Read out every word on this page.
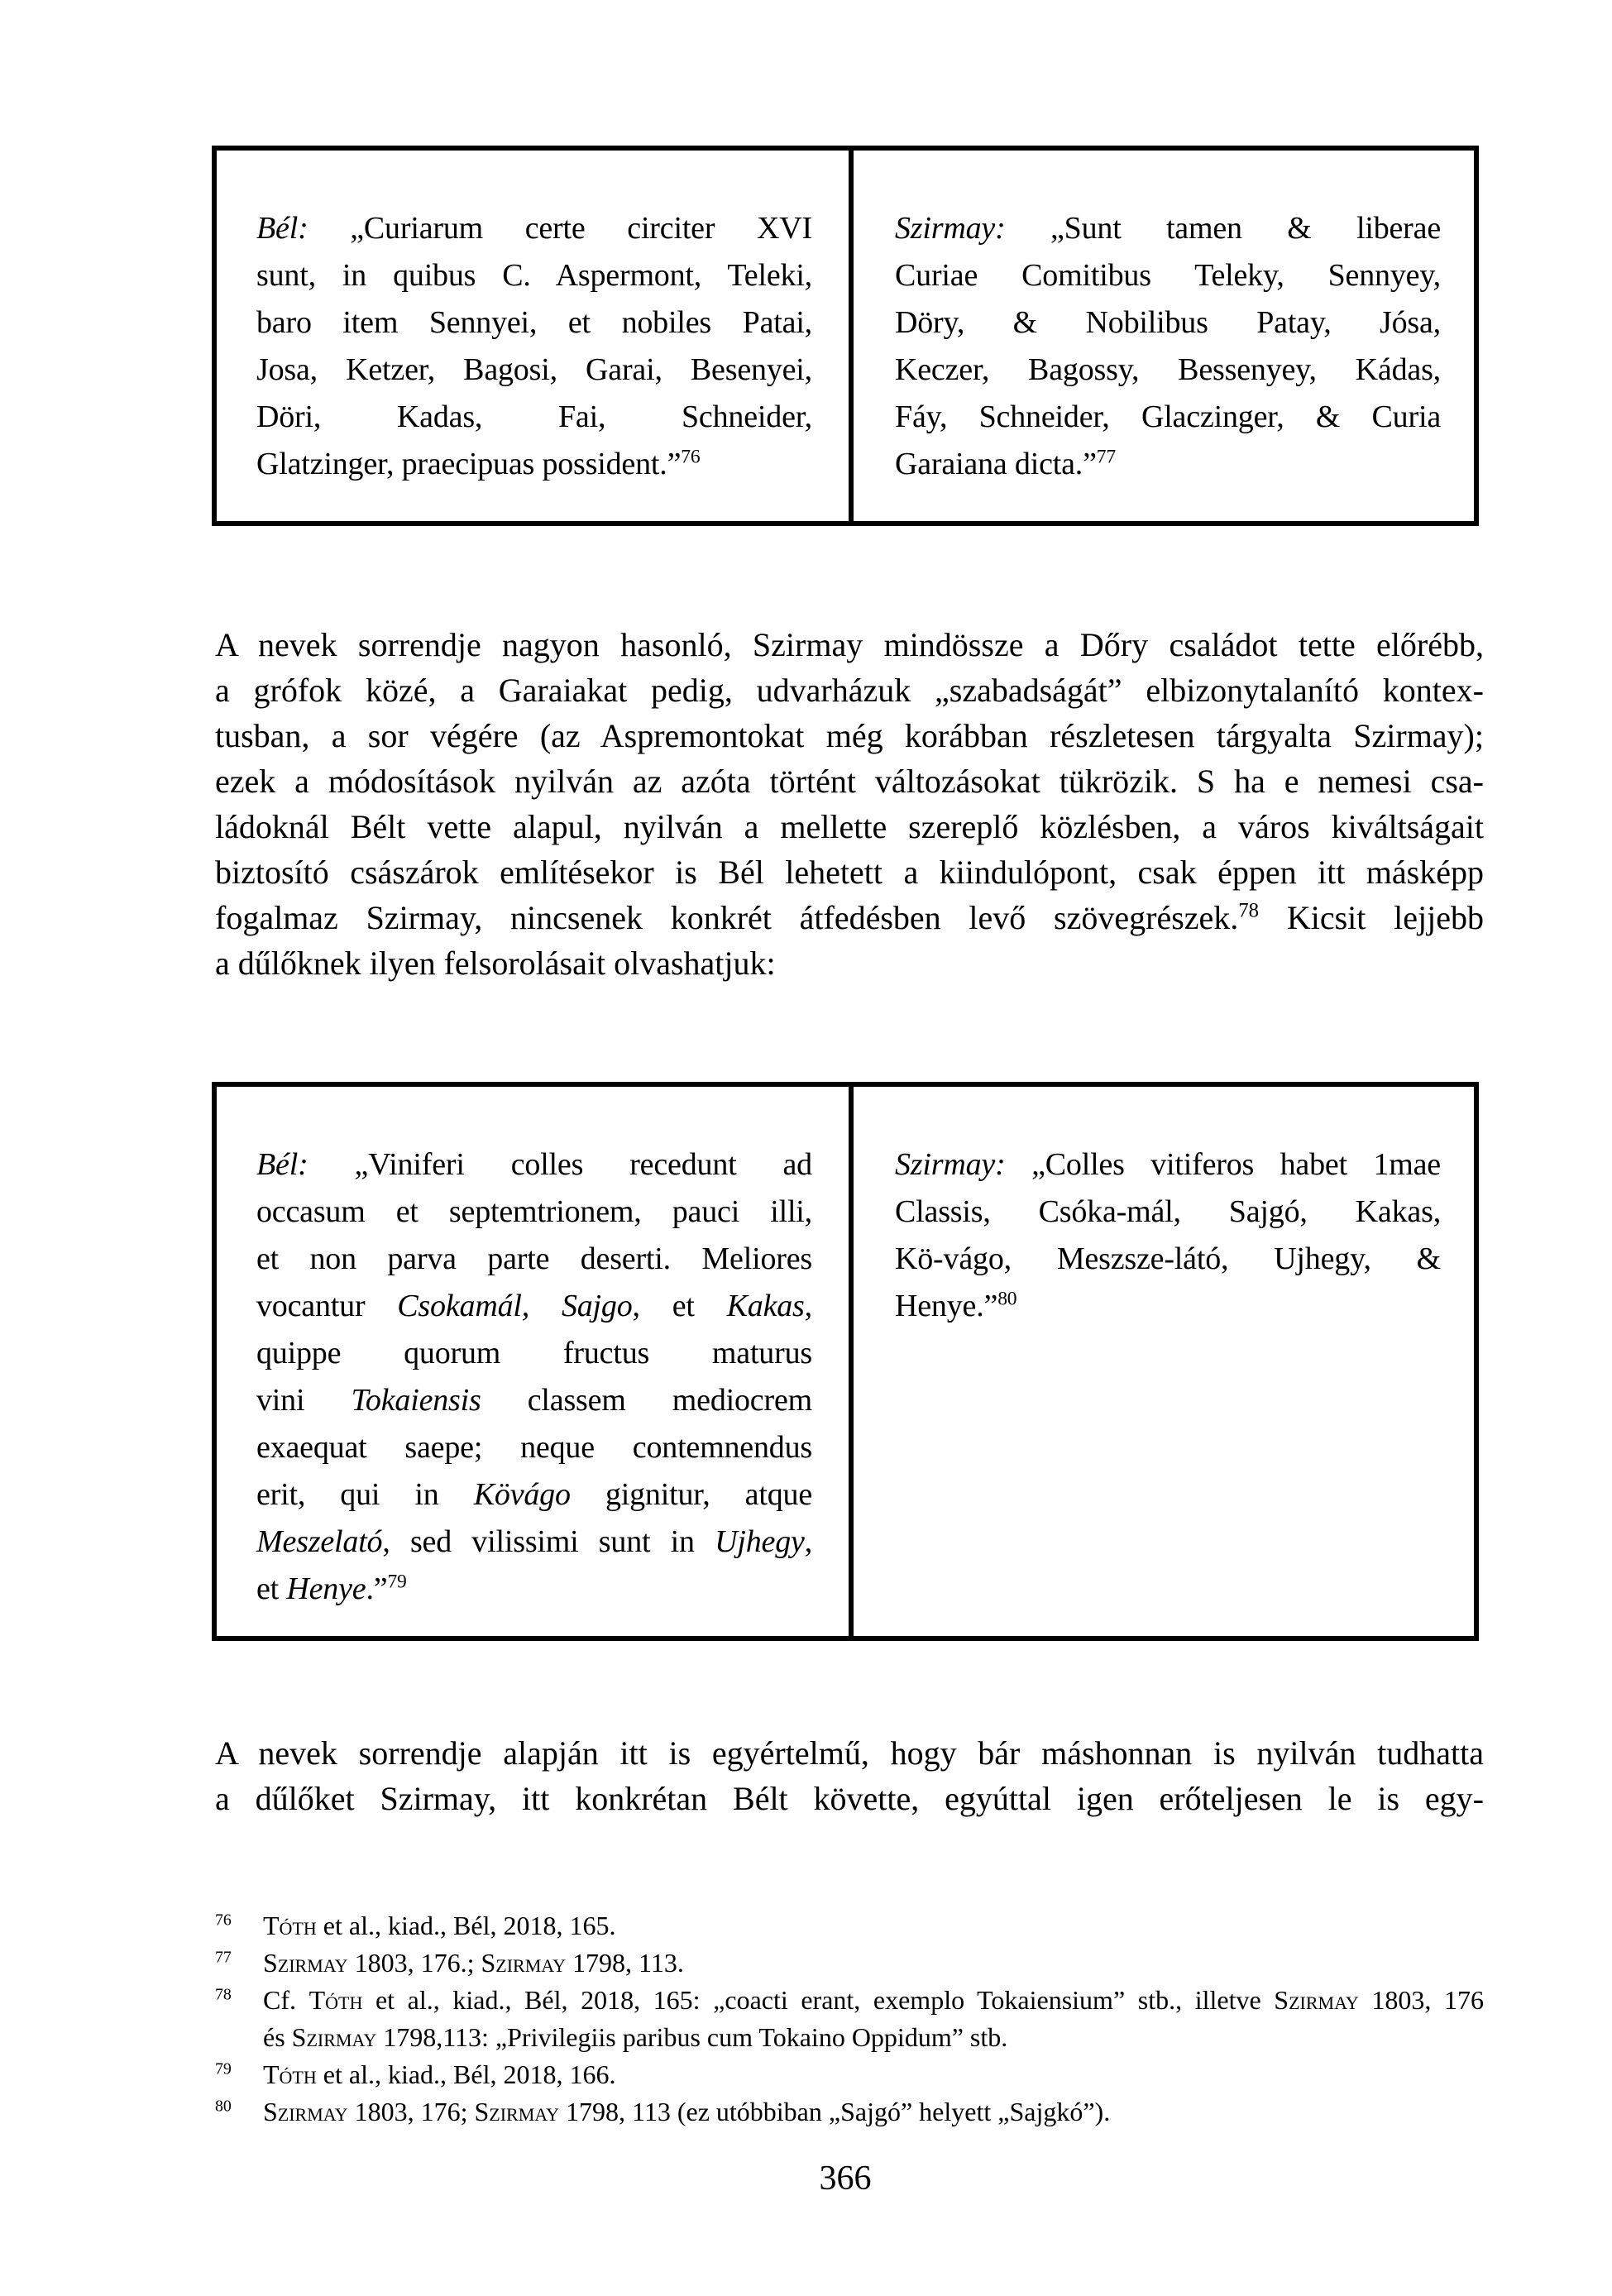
Bél: „Curiarum certe circiter XVI
sunt, in quibus C. Aspermont, Teleki,
baro item Sennyei, et nobiles Patai,
Josa, Ketzer, Bagosi, Garai, Besenyei,
Döri, Kadas, Fai, Schneider,
Glatzinger, praecipuas possident.”$^{76}$
Szirmay: „Sunt tamen & liberae
Curiae Comitibus Teleky, Sennyey,
Döry, & Nobilibus Patay, Jósa,
Keczer, Bagossy, Bessenyey, Kádas,
Fáy, Schneider, Glaczinger, & Curia
Garaiana dicta.”$^{77}$
A nevek sorrendje nagyon hasonló, Szirmay mindössze a Dőry családot tette előrébb,
a grófok közé, a Garaiakat pedig, udvarházuk „szabadságát” elbizonytalanító kontex-
tusban, a sor végére (az Aspremontokat még korábban részletesen tárgyalta Szirmay);
ezek a módosítások nyilván az azóta történt változásokat tükrözik. S ha e nemesi csa-
ládoknál Bélt vette alapul, nyilván a mellette szereplő közlésben, a város kiváltságait
biztosító császárok említésekor is Bél lehetett a kiindulópont, csak éppen itt másképp
fogalmaz Szirmay, nincsenek konkrét átfedésben levő szövegrészek.$^{78}$ Kicsit lejjebb
a dűlőknek ilyen felsorolásait olvashatjuk:
Bél: „Viniferi colles recedunt ad
occasum et septemtrionem, pauci illi,
et non parva parte deserti. Meliores
vocantur Csokamál, Sajgo, et Kakas,
quippe quorum fructus maturus
vini Tokaiensis classem mediocrem
exaequat saepe; neque contemnendus
erit, qui in Kövágo gignitur, atque
Meszelató, sed vilissimi sunt in Ujhegy,
et Henye.”$^{79}$
Szirmay: „Colles vitiferos habet 1mae
Classis, Csóka-mál, Sajgó, Kakas,
Kö-vágo, Meszsze-látó, Ujhegy, &
Henye.”$^{80}$
A nevek sorrendje alapján itt is egyértelmű, hogy bár máshonnan is nyilván tudhatta
a dűlőket Szirmay, itt konkrétan Bélt követte, egyúttal igen erőteljesen le is egy-
$^{76}$ Tóth et al., kiad., Bél, 2018, 165.
$^{77}$ Szirmay 1803, 176.; Szirmay 1798, 113.
$^{78}$ Cf. Tóth et al., kiad., Bél, 2018, 165: „coacti erant, exemplo Tokaiensium” stb., illetve Szirmay 1803, 176
és Szirmay 1798,113: „Privilegiis paribus cum Tokaino Oppidum” stb.
$^{79}$ Tóth et al., kiad., Bél, 2018, 166.
$^{80}$ Szirmay 1803, 176; Szirmay 1798, 113 (ez utóbbiban „Sajgó” helyett „Sajgkó”).
366
